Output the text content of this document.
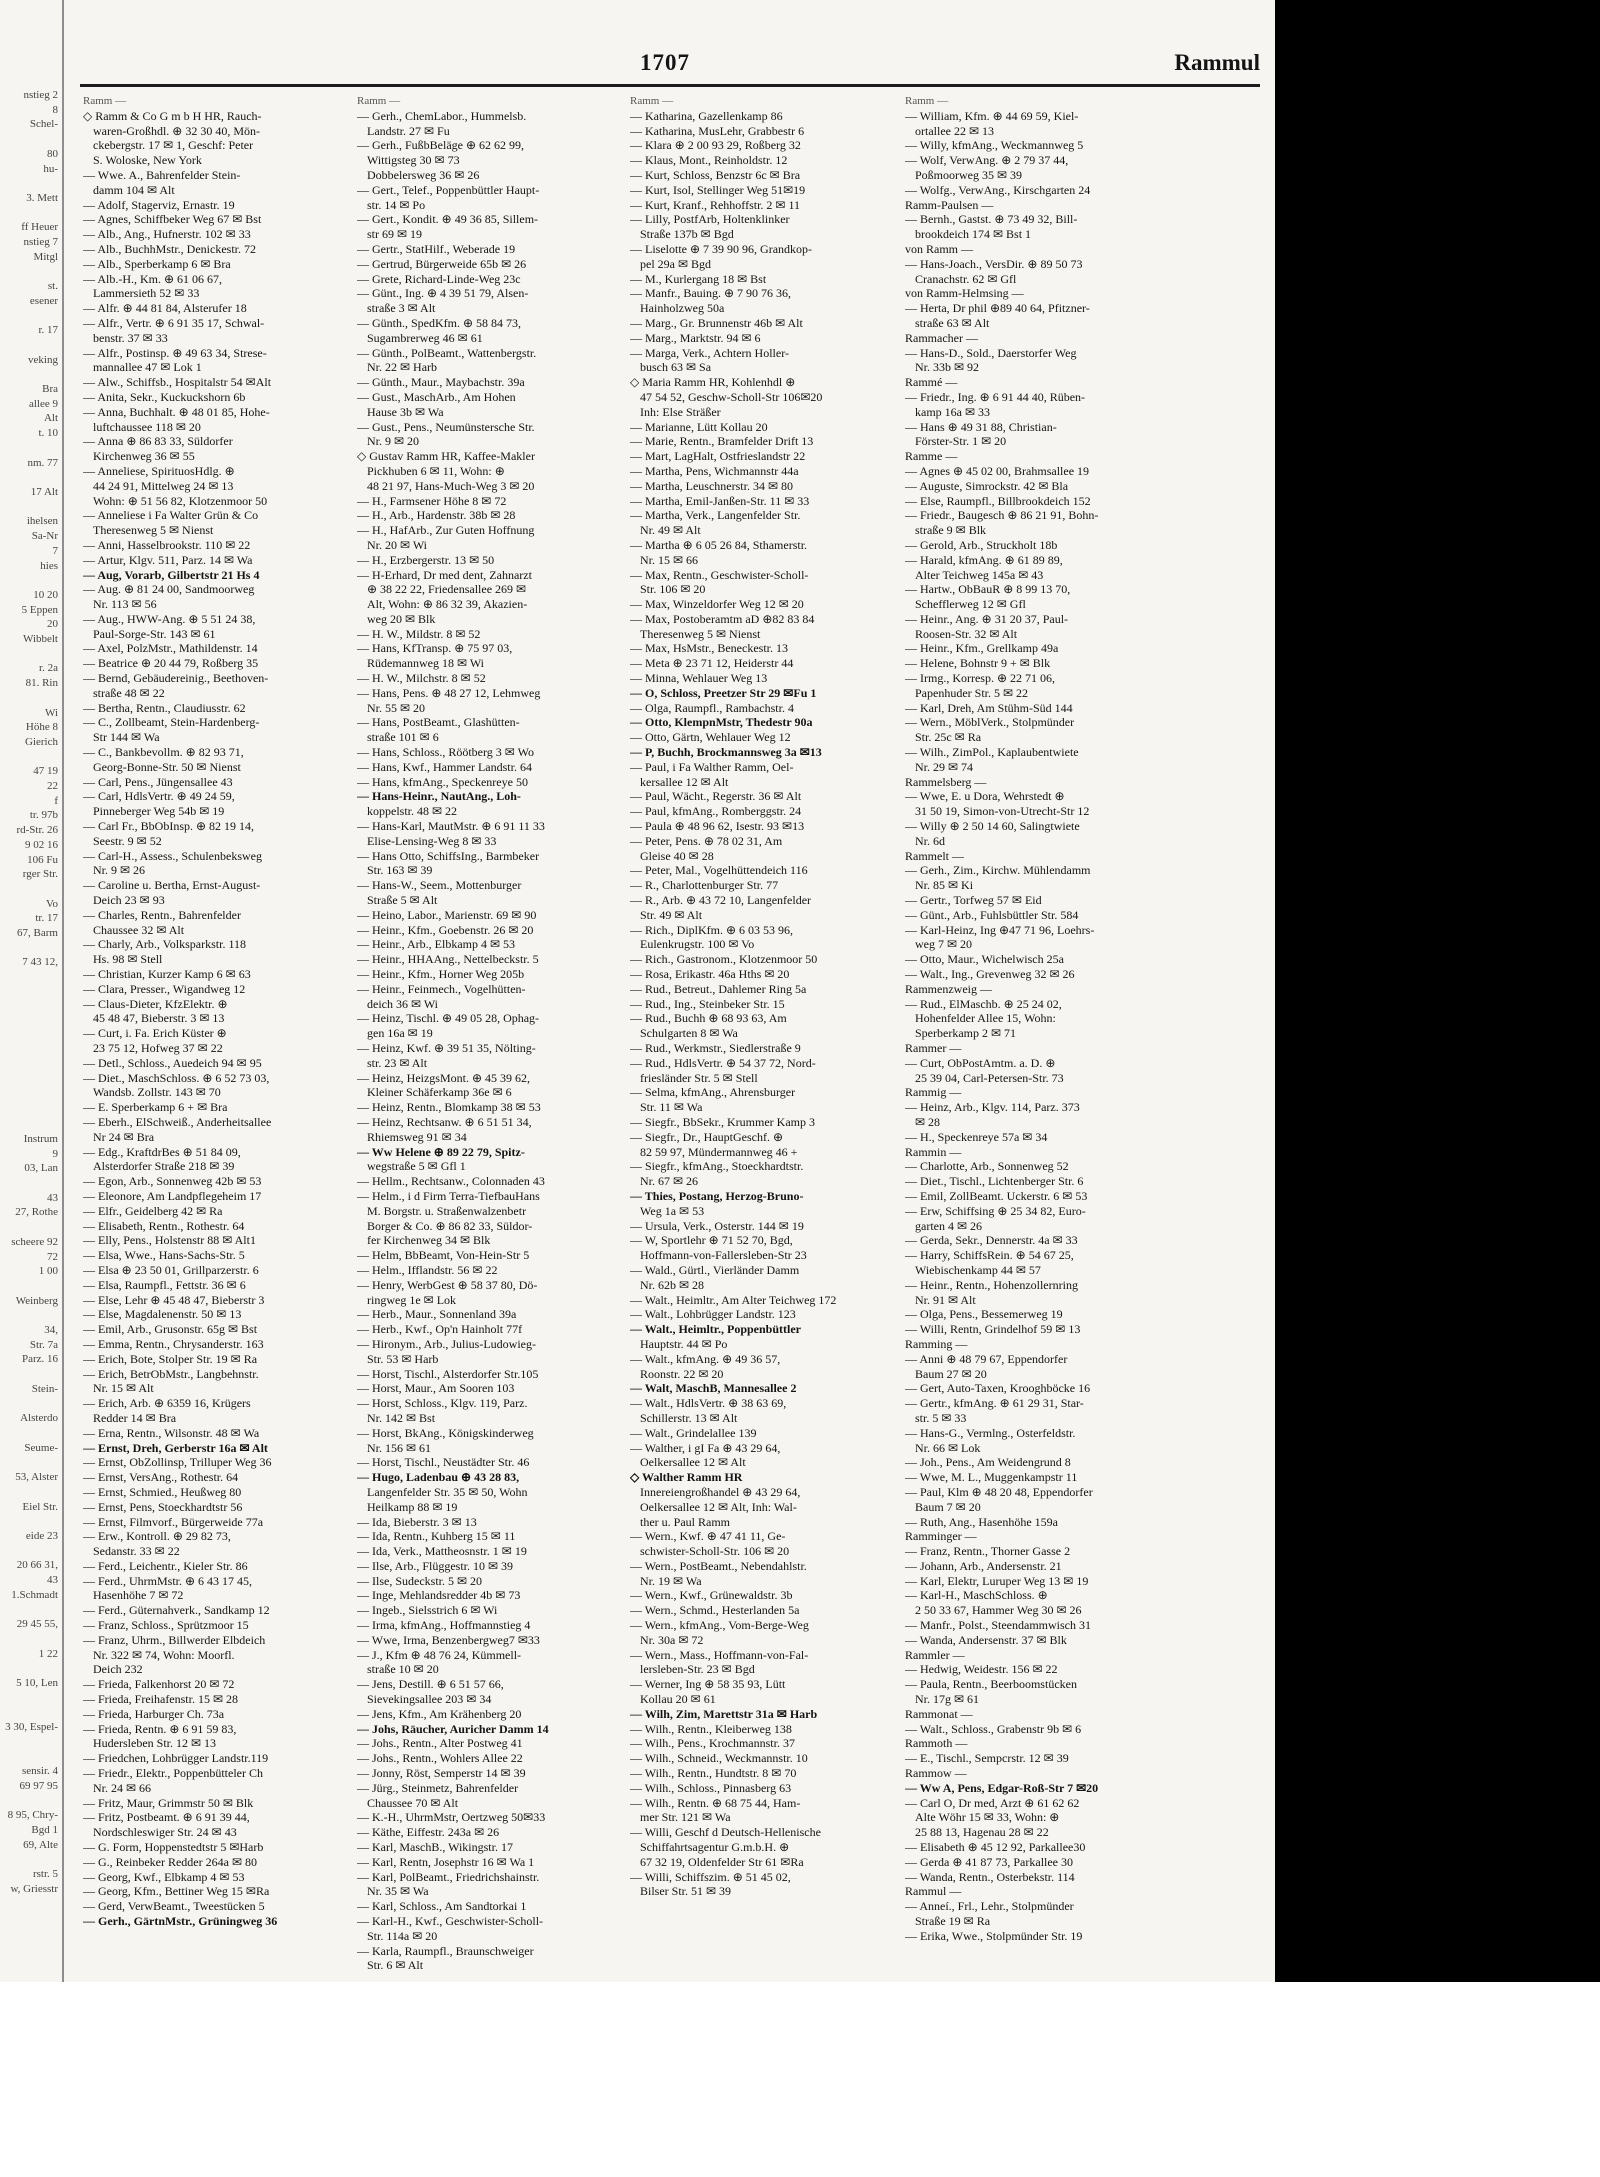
nstieg 2
8
Schel-

80
hu-

3. Mett

ff Heuer
nstieg 7
Mitgl

st.
esener

r. 17

veking

Bra
allee 9
Alt
t. 10

nm. 77

17 Alt

ihelsen
Sa-Nr
7
hies

10 20
5 Eppen
20
Wibbelt

r. 2a
81. Rin

Wi
Höhe 8
Gierich

47 19
22
f
tr. 97b
rd-Str. 26
9 02 16
106 Fu
rger Str.

Vo
tr. 17
67, Barm

7 43 12,

Instrum
9
03, Lan

43
27, Rothe

scheere 92
72
1 00

Weinberg

34,
Str. 7a
Parz. 16

Stein-

Alsterdo

Seume-

53, Alster

Eiel Str.

eide 23

20 66 31,
43
1.Schmadt

29 45 55,

1 22

5 10, Len

3 30, Espel-

sensir. 4
69 97 95

8 95, Chry-
Bgd 1
69, Alte

rstr. 5
w, Griesstr
1707	Rammul
Ramm —
◇ Ramm & Co G m b H HR, Rauch-
waren-Großhdl. ⊕ 32 30 40, Mön-
ckebergstr. 17 ✉ 1, Geschf: Peter
S. Woloske, New York
— Wwe. A., Bahrenfelder Stein-
damm 104 ✉ Alt
— Adolf, Stagerviz, Ernastr. 19
— Agnes, Schiffbeker Weg 67 ✉ Bst
— Alb., Ang., Hufnerstr. 102 ✉ 33
— Alb., BuchhMstr., Denickestr. 72
— Alb., Sperberkamp 6 ✉ Bra
— Alb.-H., Km. ⊕ 61 06 67,
Lammersieth 52 ✉ 33
— Alfr. ⊕ 44 81 84, Alsterufer 18
— Alfr., Vertr. ⊕ 6 91 35 17, Schwal-
benstr. 37 ✉ 33
— Alfr., Postinsp. ⊕ 49 63 34, Strese-
mannallee 47 ✉ Lok 1
— Alw., Schiffsb., Hospitalstr 54 ✉Alt
— Anita, Sekr., Kuckuckshorn 6b
— Anna, Buchhalt. ⊕ 48 01 85, Hohe-
luftchaussee 118 ✉ 20
— Anna ⊕ 86 83 33, Süldorfer
Kirchenweg 36 ✉ 55
— Anneliese, SpirituosHdlg. ⊕
44 24 91, Mittelweg 24 ✉ 13
Wohn: ⊕ 51 56 82, Klotzenmoor 50
— Anneliese i Fa Walter Grün & Co
Theresenweg 5 ✉ Nienst
— Anni, Hasselbrookstr. 110 ✉ 22
— Artur, Klgv. 511, Parz. 14 ✉ Wa
— Aug, Vorarb, Gilbertstr 21 Hs 4
— Aug. ⊕ 81 24 00, Sandmoorweg
Nr. 113 ✉ 56
— Aug., HWW-Ang. ⊕ 5 51 24 38,
Paul-Sorge-Str. 143 ✉ 61
— Axel, PolzMstr., Mathildenstr. 14
— Beatrice ⊕ 20 44 79, Roßberg 35
— Bernd, Gebäudereinig., Beethoven-
straße 48 ✉ 22
— Bertha, Rentn., Claudiusstr. 62
— C., Zollbeamt, Stein-Hardenberg-
Str 144 ✉ Wa
— C., Bankbevollm. ⊕ 82 93 71,
Georg-Bonne-Str. 50 ✉ Nienst
— Carl, Pens., Jüngensallee 43
— Carl, HdlsVertr. ⊕ 49 24 59,
Pinneberger Weg 54b ✉ 19
— Carl Fr., BbObInsp. ⊕ 82 19 14,
Seestr. 9 ✉ 52
— Carl-H., Assess., Schulenbeksweg
Nr. 9 ✉ 26
— Caroline u. Bertha, Ernst-August-
Deich 23 ✉ 93
— Charles, Rentn., Bahrenfelder
Chaussee 32 ✉ Alt
— Charly, Arb., Volksparkstr. 118
Hs. 98 ✉ Stell
— Christian, Kurzer Kamp 6 ✉ 63
— Clara, Presser., Wigandweg 12
— Claus-Dieter, KfzElektr. ⊕
45 48 47, Bieberstr. 3 ✉ 13
— Curt, i. Fa. Erich Küster ⊕
23 75 12, Hofweg 37 ✉ 22
— Detl., Schloss., Auedeich 94 ✉ 95
— Diet., MaschSchloss. ⊕ 6 52 73 03,
Wandsb. Zollstr. 143 ✉ 70
— E. Sperberkamp 6 + ✉ Bra
— Eberh., ElSchweiß., Anderheitsallee
Nr 24 ✉ Bra
— Edg., KraftdrBes ⊕ 51 84 09,
Alsterdorfer Straße 218 ✉ 39
— Egon, Arb., Sonnenweg 42b ✉ 53
— Eleonore, Am Landpflegeheim 17
— Elfr., Geidelberg 42 ✉ Ra
— Elisabeth, Rentn., Rothestr. 64
— Elly, Pens., Holstenstr 88 ✉ Alt1
— Elsa, Wwe., Hans-Sachs-Str. 5
— Elsa ⊕ 23 50 01, Grillparzerstr. 6
— Elsa, Raumpfl., Fettstr. 36 ✉ 6
— Else, Lehr ⊕ 45 48 47, Bieberstr 3
— Else, Magdalenenstr. 50 ✉ 13
— Emil, Arb., Grusonstr. 65g ✉ Bst
— Emma, Rentn., Chrysanderstr. 163
— Erich, Bote, Stolper Str. 19 ✉ Ra
— Erich, BetrObMstr., Langbehnstr.
Nr. 15 ✉ Alt
— Erich, Arb. ⊕ 6359 16, Krügers
Redder 14 ✉ Bra
— Erna, Rentn., Wilsonstr. 48 ✉ Wa
— Ernst, Dreh, Gerberstr 16a ✉ Alt
— Ernst, ObZollinsp, Trilluper Weg 36
— Ernst, VersAng., Rothestr. 64
— Ernst, Schmied., Heußweg 80
— Ernst, Pens, Stoeckhardtstr 56
— Ernst, Filmvorf., Bürgerweide 77a
— Erw., Kontroll. ⊕ 29 82 73,
Sedanstr. 33 ✉ 22
— Ferd., Leichentr., Kieler Str. 86
— Ferd., UhrmMstr. ⊕ 6 43 17 45,
Hasenhöhe 7 ✉ 72
— Ferd., Güternahverk., Sandkamp 12
— Franz, Schloss., Sprützmoor 15
— Franz, Uhrm., Billwerder Elbdeich
Nr. 322 ✉ 74, Wohn: Moorfl.
Deich 232
— Frieda, Falkenhorst 20 ✉ 72
— Frieda, Freihafenstr. 15 ✉ 28
— Frieda, Harburger Ch. 73a
— Frieda, Rentn. ⊕ 6 91 59 83,
Hudersleben Str. 12 ✉ 13
— Friedchen, Lohbrügger Landstr.119
— Friedr., Elektr., Poppenbütteler Ch
Nr. 24 ✉ 66
— Fritz, Maur, Grimmstr 50 ✉ Blk
— Fritz, Postbeamt. ⊕ 6 91 39 44,
Nordschleswiger Str. 24 ✉ 43
— G. Form, Hoppenstedtstr 5 ✉Harb
— G., Reinbeker Redder 264a ✉ 80
— Georg, Kwf., Elbkamp 4 ✉ 53
— Georg, Kfm., Bettiner Weg 15 ✉Ra
— Gerd, VerwBeamt., Tweestücken 5
— Gerh., GärtnMstr., Grüningweg 36
Ramm —
— Gerh., ChemLabor., Hummelsb.
Landstr. 27 ✉ Fu
— Gerh., FußbBeläge ⊕ 62 62 99,
Wittigsteg 30 ✉ 73
Dobbelersweg 36 ✉ 26
— Gert., Telef., Poppenbüttler Haupt-
str. 14 ✉ Po
— Gert., Kondit. ⊕ 49 36 85, Sillem-
str 69 ✉ 19
— Gertr., StatHilf., Weberade 19
— Gertrud, Bürgerweide 65b ✉ 26
— Grete, Richard-Linde-Weg 23c
— Günt., Ing. ⊕ 4 39 51 79, Alsen-
straße 3 ✉ Alt
— Günth., SpedKfm. ⊕ 58 84 73,
Sugambrerweg 46 ✉ 61
— Günth., PolBeamt., Wattenbergstr.
Nr. 22 ✉ Harb
— Günth., Maur., Maybachstr. 39a
— Gust., MaschArb., Am Hohen
Hause 3b ✉ Wa
— Gust., Pens., Neumünstersche Str.
Nr. 9 ✉ 20
◇ Gustav Ramm HR, Kaffee-Makler
Pickhuben 6 ✉ 11, Wohn: ⊕
48 21 97, Hans-Much-Weg 3 ✉ 20
— H., Farmsener Höhe 8 ✉ 72
— H., Arb., Hardenstr. 38b ✉ 28
— H., HafArb., Zur Guten Hoffnung
Nr. 20 ✉ Wi
— H., Erzbergerstr. 13 ✉ 50
— H-Erhard, Dr med dent, Zahnarzt
⊕ 38 22 22, Friedensallee 269 ✉
Alt, Wohn: ⊕ 86 32 39, Akazien-
weg 20 ✉ Blk
— H. W., Mildstr. 8 ✉ 52
— Hans, KfTransp. ⊕ 75 97 03,
Rüdemannweg 18 ✉ Wi
— H. W., Milchstr. 8 ✉ 52
— Hans, Pens. ⊕ 48 27 12, Lehmweg
Nr. 55 ✉ 20
— Hans, PostBeamt., Glashütten-
straße 101 ✉ 6
— Hans, Schloss., Röötberg 3 ✉ Wo
— Hans, Kwf., Hammer Landstr. 64
— Hans, kfmAng., Speckenreye 50
— Hans-Heinr., NautAng., Loh-
koppelstr. 48 ✉ 22
— Hans-Karl, MautMstr. ⊕ 6 91 11 33
Elise-Lensing-Weg 8 ✉ 33
— Hans Otto, SchiffsIng., Barmbeker
Str. 163 ✉ 39
— Hans-W., Seem., Mottenburger
Straße 5 ✉ Alt
— Heino, Labor., Marienstr. 69 ✉ 90
— Heinr., Kfm., Goebenstr. 26 ✉ 20
— Heinr., Arb., Elbkamp 4 ✉ 53
— Heinr., HHAAng., Nettelbeckstr. 5
— Heinr., Kfm., Horner Weg 205b
— Heinr., Feinmech., Vogelhütten-
deich 36 ✉ Wi
— Heinz, Tischl. ⊕ 49 05 28, Ophag-
gen 16a ✉ 19
— Heinz, Kwf. ⊕ 39 51 35, Nölting-
str. 23 ✉ Alt
— Heinz, HeizgsMont. ⊕ 45 39 62,
Kleiner Schäferkamp 36e ✉ 6
— Heinz, Rentn., Blomkamp 38 ✉ 53
— Heinz, Rechtsanw. ⊕ 6 51 51 34,
Rhiemsweg 91 ✉ 34
— Ww Helene ⊕ 89 22 79, Spitz-
wegstraße 5 ✉ Gfl 1
— Hellm., Rechtsanw., Colonnaden 43
— Helm., i d Firm Terra-TiefbauHans
M. Borgstr. u. Straßenwalzenbetr
Borger & Co. ⊕ 86 82 33, Süldor-
fer Kirchenweg 34 ✉ Blk
— Helm, BbBeamt, Von-Hein-Str 5
— Helm., Ifflandstr. 56 ✉ 22
— Henry, WerbGest ⊕ 58 37 80, Dö-
ringweg 1e ✉ Lok
— Herb., Maur., Sonnenland 39a
— Herb., Kwf., Op'n Hainholt 77f
— Hironym., Arb., Julius-Ludowieg-
Str. 53 ✉ Harb
— Horst, Tischl., Alsterdorfer Str.105
— Horst, Maur., Am Sooren 103
— Horst, Schloss., Klgv. 119, Parz.
Nr. 142 ✉ Bst
— Horst, BkAng., Königskinderweg
Nr. 156 ✉ 61
— Horst, Tischl., Neustädter Str. 46
— Hugo, Ladenbau ⊕ 43 28 83,
Langenfelder Str. 35 ✉ 50, Wohn
Heilkamp 88 ✉ 19
— Ida, Bieberstr. 3 ✉ 13
— Ida, Rentn., Kuhberg 15 ✉ 11
— Ida, Verk., Mattheosnstr. 1 ✉ 19
— Ilse, Arb., Flüggestr. 10 ✉ 39
— Ilse, Sudeckstr. 5 ✉ 20
— Inge, Mehlandsredder 4b ✉ 73
— Ingeb., Sielsstrich 6 ✉ Wi
— Irma, kfmAng., Hoffmannstieg 4
— Wwe, Irma, Benzenbergweg7 ✉33
— J., Kfm ⊕ 48 76 24, Kümmell-
straße 10 ✉ 20
— Jens, Destill. ⊕ 6 51 57 66,
Sievekingsallee 203 ✉ 34
— Jens, Kfm., Am Krähenberg 20
— Johs, Räucher, Auricher Damm 14
— Johs., Rentn., Alter Postweg 41
— Johs., Rentn., Wohlers Allee 22
— Jonny, Röst, Semperstr 14 ✉ 39
— Jürg., Steinmetz, Bahrenfelder
Chaussee 70 ✉ Alt
— K.-H., UhrmMstr, Oertzweg 50✉33
— Käthe, Eiffestr. 243a ✉ 26
— Karl, MaschB., Wikingstr. 17
— Karl, Rentn, Josephstr 16 ✉ Wa 1
— Karl, PolBeamt., Friedrichshainstr.
Nr. 35 ✉ Wa
— Karl, Schloss., Am Sandtorkai 1
— Karl-H., Kwf., Geschwister-Scholl-
Str. 114a ✉ 20
— Karla, Raumpfl., Braunschweiger
Str. 6 ✉ Alt
Ramm —
— Katharina, Gazellenkamp 86
— Katharina, MusLehr, Grabbestr 6
— Klara ⊕ 2 00 93 29, Roßberg 32
— Klaus, Mont., Reinholdstr. 12
— Kurt, Schloss, Benzstr 6c ✉ Bra
— Kurt, Isol, Stellinger Weg 51✉19
— Kurt, Kranf., Rehhoffstr. 2 ✉ 11
— Lilly, PostfArb, Holtenklinker
Straße 137b ✉ Bgd
— Liselotte ⊕ 7 39 90 96, Grandkop-
pel 29a ✉ Bgd
— M., Kurlergang 18 ✉ Bst
— Manfr., Bauing. ⊕ 7 90 76 36,
Hainholzweg 50a
— Marg., Gr. Brunnenstr 46b ✉ Alt
— Marg., Marktstr. 94 ✉ 6
— Marga, Verk., Achtern Holler-
busch 63 ✉ Sa
◇ Maria Ramm HR, Kohlenhdl ⊕
47 54 52, Geschw-Scholl-Str 106✉20
Inh: Else Sträßer
— Marianne, Lütt Kollau 20
— Marie, Rentn., Bramfelder Drift 13
— Mart, LagHalt, Ostfrieslandstr 22
— Martha, Pens, Wichmannstr 44a
— Martha, Leuschnerstr. 34 ✉ 80
— Martha, Emil-Janßen-Str. 11 ✉ 33
— Martha, Verk., Langenfelder Str.
Nr. 49 ✉ Alt
— Martha ⊕ 6 05 26 84, Sthamerstr.
Nr. 15 ✉ 66
— Max, Rentn., Geschwister-Scholl-
Str. 106 ✉ 20
— Max, Winzeldorfer Weg 12 ✉ 20
— Max, Postoberamtm aD ⊕82 83 84
Theresenweg 5 ✉ Nienst
— Max, HsMstr., Beneckestr. 13
— Meta ⊕ 23 71 12, Heiderstr 44
— Minna, Wehlauer Weg 13
— O, Schloss, Preetzer Str 29 ✉Fu 1
— Olga, Raumpfl., Rambachstr. 4
— Otto, KlempnMstr, Thedestr 90a
— Otto, Gärtn, Wehlauer Weg 12
— P, Buchh, Brockmannsweg 3a ✉13
— Paul, i Fa Walther Ramm, Oel-
kersallee 12 ✉ Alt
— Paul, Wächt., Regerstr. 36 ✉ Alt
— Paul, kfmAng., Romberggstr. 24
— Paula ⊕ 48 96 62, Isestr. 93 ✉13
— Peter, Pens. ⊕ 78 02 31, Am
Gleise 40 ✉ 28
— Peter, Mal., Vogelhüttendeich 116
— R., Charlottenburger Str. 77
— R., Arb. ⊕ 43 72 10, Langenfelder
Str. 49 ✉ Alt
— Rich., DiplKfm. ⊕ 6 03 53 96,
Eulenkrugstr. 100 ✉ Vo
— Rich., Gastronom., Klotzenmoor 50
— Rosa, Erikastr. 46a Hths ✉ 20
— Rud., Betreut., Dahlemer Ring 5a
— Rud., Ing., Steinbeker Str. 15
— Rud., Buchh ⊕ 68 93 63, Am
Schulgarten 8 ✉ Wa
— Rud., Werkmstr., Siedlerstraße 9
— Rud., HdlsVertr. ⊕ 54 37 72, Nord-
friesländer Str. 5 ✉ Stell
— Selma, kfmAng., Ahrensburger
Str. 11 ✉ Wa
— Siegfr., BbSekr., Krummer Kamp 3
— Siegfr., Dr., HauptGeschf. ⊕
82 59 97, Mündermannweg 46 +
— Siegfr., kfmAng., Stoeckhardtstr.
Nr. 67 ✉ 26
— Thies, Postang, Herzog-Bruno-
Weg 1a ✉ 53
— Ursula, Verk., Osterstr. 144 ✉ 19
— W, Sportlehr ⊕ 71 52 70, Bgd,
Hoffmann-von-Fallersleben-Str 23
— Wald., Gürtl., Vierländer Damm
Nr. 62b ✉ 28
— Walt., Heimltr., Am Alter Teichweg 172
— Walt., Lohbrügger Landstr. 123
— Walt., Heimltr., Poppenbüttler
Hauptstr. 44 ✉ Po
— Walt., kfmAng. ⊕ 49 36 57,
Roonstr. 22 ✉ 20
— Walt, MaschB, Mannesallee 2
— Walt., HdlsVertr. ⊕ 38 63 69,
Schillerstr. 13 ✉ Alt
— Walt., Grindelallee 139
— Walther, i gI Fa ⊕ 43 29 64,
Oelkersallee 12 ✉ Alt
◇ Walther Ramm HR
Innereiengroßhandel ⊕ 43 29 64,
Oelkersallee 12 ✉ Alt, Inh: Wal-
ther u. Paul Ramm
— Wern., Kwf. ⊕ 47 41 11, Ge-
schwister-Scholl-Str. 106 ✉ 20
— Wern., PostBeamt., Nebendahlstr.
Nr. 19 ✉ Wa
— Wern., Kwf., Grünewaldstr. 3b
— Wern., Schmd., Hesterlanden 5a
— Wern., kfmAng., Vom-Berge-Weg
Nr. 30a ✉ 72
— Wern., Mass., Hoffmann-von-Fal-
lersleben-Str. 23 ✉ Bgd
— Werner, Ing ⊕ 58 35 93, Lütt
Kollau 20 ✉ 61
— Wilh, Zim, Marettstr 31a ✉ Harb
— Wilh., Rentn., Kleiberweg 138
— Wilh., Pens., Krochmannstr. 37
— Wilh., Schneid., Weckmannstr. 10
— Wilh., Rentn., Hundtstr. 8 ✉ 70
— Wilh., Schloss., Pinnasberg 63
— Wilh., Rentn. ⊕ 68 75 44, Ham-
mer Str. 121 ✉ Wa
— Willi, Geschf d Deutsch-Hellenische
Schiffahrtsagentur G.m.b.H. ⊕
67 32 19, Oldenfelder Str 61 ✉Ra
— Willi, Schiffszim. ⊕ 51 45 02,
Bilser Str. 51 ✉ 39
Ramm —
— William, Kfm. ⊕ 44 69 59, Kiel-
ortallee 22 ✉ 13
— Willy, kfmAng., Weckmannweg 5
— Wolf, VerwAng. ⊕ 2 79 37 44,
Poßmoorweg 35 ✉ 39
— Wolfg., VerwAng., Kirschgarten 24
Ramm-Paulsen —
— Bernh., Gastst. ⊕ 73 49 32, Bill-
brookdeich 174 ✉ Bst 1
von Ramm —
— Hans-Joach., VersDir. ⊕ 89 50 73
Cranachstr. 62 ✉ Gfl
von Ramm-Helmsing —
— Herta, Dr phil ⊕89 40 64, Pfitzner-
straße 63 ✉ Alt
Rammacher —
— Hans-D., Sold., Daerstorfer Weg
Nr. 33b ✉ 92
Rammé —
— Friedr., Ing. ⊕ 6 91 44 40, Rüben-
kamp 16a ✉ 33
— Hans ⊕ 49 31 88, Christian-
Förster-Str. 1 ✉ 20
Ramme —
— Agnes ⊕ 45 02 00, Brahmsallee 19
— Auguste, Simrockstr. 42 ✉ Bla
— Else, Raumpfl., Billbrookdeich 152
— Friedr., Baugesch ⊕ 86 21 91, Bohn-
straße 9 ✉ Blk
— Gerold, Arb., Struckholt 18b
— Harald, kfmAng. ⊕ 61 89 89,
Alter Teichweg 145a ✉ 43
— Hartw., ObBauR ⊕ 8 99 13 70,
Schefflerweg 12 ✉ Gfl
— Heinr., Ang. ⊕ 31 20 37, Paul-
Roosen-Str. 32 ✉ Alt
— Heinr., Kfm., Grellkamp 49a
— Helene, Bohnstr 9 + ✉ Blk
— Irmg., Korresp. ⊕ 22 71 06,
Papenhuder Str. 5 ✉ 22
— Karl, Dreh, Am Stühm-Süd 144
— Wern., MöblVerk., Stolpmünder
Str. 25c ✉ Ra
— Wilh., ZimPol., Kaplaubentwiete
Nr. 29 ✉ 74
Rammelsberg —
— Wwe, E. u Dora, Wehrstedt ⊕
31 50 19, Simon-von-Utrecht-Str 12
— Willy ⊕ 2 50 14 60, Salingtwiete
Nr. 6d
Rammelt —
— Gerh., Zim., Kirchw. Mühlendamm
Nr. 85 ✉ Ki
— Gertr., Torfweg 57 ✉ Eid
— Günt., Arb., Fuhlsbüttler Str. 584
— Karl-Heinz, Ing ⊕47 71 96, Loehrs-
weg 7 ✉ 20
— Otto, Maur., Wichelwisch 25a
— Walt., Ing., Grevenweg 32 ✉ 26
Rammenzweig —
— Rud., ElMaschb. ⊕ 25 24 02,
Hohenfelder Allee 15, Wohn:
Sperberkamp 2 ✉ 71
Rammer —
— Curt, ObPostAmtm. a. D. ⊕
25 39 04, Carl-Petersen-Str. 73
Rammig —
— Heinz, Arb., Klgv. 114, Parz. 373
✉ 28
— H., Speckenreye 57a ✉ 34
Rammin —
— Charlotte, Arb., Sonnenweg 52
— Diet., Tischl., Lichtenberger Str. 6
— Emil, ZollBeamt. Uckerstr. 6 ✉ 53
— Erw, Schiffsing ⊕ 25 34 82, Euro-
garten 4 ✉ 26
— Gerda, Sekr., Dennerstr. 4a ✉ 33
— Harry, SchiffsRein. ⊕ 54 67 25,
Wiebischenkamp 44 ✉ 57
— Heinr., Rentn., Hohenzollernring
Nr. 91 ✉ Alt
— Olga, Pens., Bessemerweg 19
— Willi, Rentn, Grindelhof 59 ✉ 13
Ramming —
— Anni ⊕ 48 79 67, Eppendorfer
Baum 27 ✉ 20
— Gert, Auto-Taxen, Krooghböcke 16
— Gertr., kfmAng. ⊕ 61 29 31, Star-
str. 5 ✉ 33
— Hans-G., Vermlng., Osterfeldstr.
Nr. 66 ✉ Lok
— Joh., Pens., Am Weidengrund 8
— Wwe, M. L., Muggenkampstr 11
— Paul, Klm ⊕ 48 20 48, Eppendorfer
Baum 7 ✉ 20
— Ruth, Ang., Hasenhöhe 159a
Ramminger —
— Franz, Rentn., Thorner Gasse 2
— Johann, Arb., Andersenstr. 21
— Karl, Elektr, Luruper Weg 13 ✉ 19
— Karl-H., MaschSchloss. ⊕
2 50 33 67, Hammer Weg 30 ✉ 26
— Manfr., Polst., Steendammwisch 31
— Wanda, Andersenstr. 37 ✉ Blk
Rammler —
— Hedwig, Weidestr. 156 ✉ 22
— Paula, Rentn., Beerboomstücken
Nr. 17g ✉ 61
Rammonat —
— Walt., Schloss., Grabenstr 9b ✉ 6
Rammoth —
— E., Tischl., Sempcrstr. 12 ✉ 39
Rammow —
— Ww A, Pens, Edgar-Roß-Str 7 ✉20
— Carl O, Dr med, Arzt ⊕ 61 62 62
Alte Wöhr 15 ✉ 33, Wohn: ⊕
25 88 13, Hagenau 28 ✉ 22
— Elisabeth ⊕ 45 12 92, Parkallee30
— Gerda ⊕ 41 87 73, Parkallee 30
— Wanda, Rentn., Osterbekstr. 114
Rammul —
— Anneí., Frl., Lehr., Stolpmünder
Straße 19 ✉ Ra
— Erika, Wwe., Stolpmünder Str. 19
